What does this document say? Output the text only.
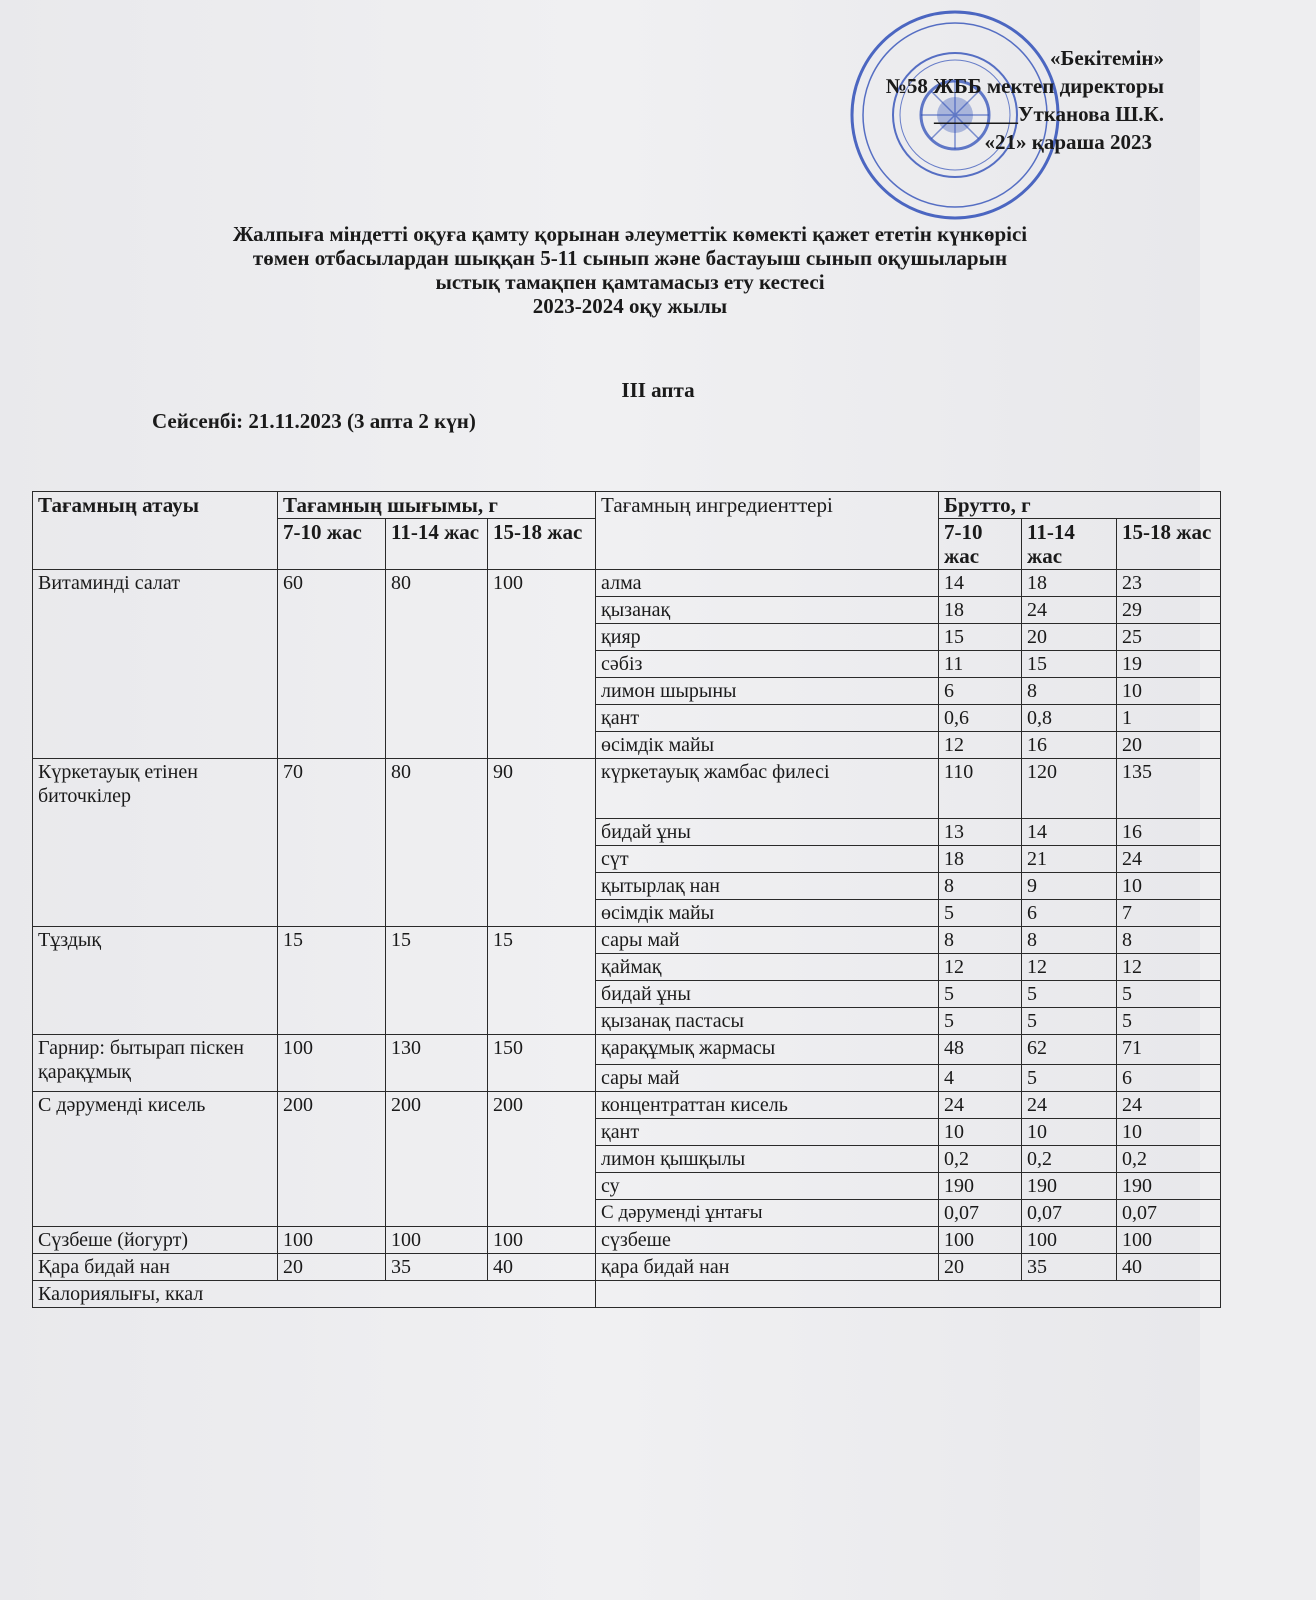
«Бекітемін»
№58 ЖББ мектеп директоры
________Утканова Ш.К.
«21» қараша 2023
Жалпыға міндетті оқуға қамту қорынан әлеуметтік көмекті қажет ететін күнкөрісі
төмен отбасылардан шыққан 5-11 сынып және бастауыш сынып оқушыларын
ыстық тамақпен қамтамасыз ету кестесі
2023-2024 оқу жылы
III апта
Сейсенбі: 21.11.2023 (3 апта 2 күн)
Тағамның атауы	Тағамның шығымы, г			Тағамның ингредиенттері	Брутто, г		
	7-10 жас	11-14 жас	15-18 жас		7-10 жас	11-14 жас	15-18 жас
Витаминді салат	60	80	100	алма	14	18	23
				қызанақ	18	24	29
				қияр	15	20	25
				сәбіз	11	15	19
				лимон шырыны	6	8	10
				қант	0,6	0,8	1
				өсімдік майы	12	16	20
Күркетауық етінен биточкілер	70	80	90	күркетауық жамбас филесі	110	120	135
				бидай ұны	13	14	16
				сүт	18	21	24
				қытырлақ нан	8	9	10
				өсімдік майы	5	6	7
Тұздық	15	15	15	сары май	8	8	8
				қаймақ	12	12	12
				бидай ұны	5	5	5
				қызанақ пастасы	5	5	5
Гарнир: бытырап піскен қарақұмық	100	130	150	қарақұмық жармасы	48	62	71
				сары май	4	5	6
С дәруменді кисель	200	200	200	концентраттан кисель	24	24	24
				қант	10	10	10
				лимон қышқылы	0,2	0,2	0,2
				су	190	190	190
				С дәруменді ұнтағы	0,07	0,07	0,07
Сүзбеше (йогурт)	100	100	100	сүзбеше	100	100	100
Қара бидай нан	20	35	40	қара бидай нан	20	35	40
Калориялығы, ккал							
